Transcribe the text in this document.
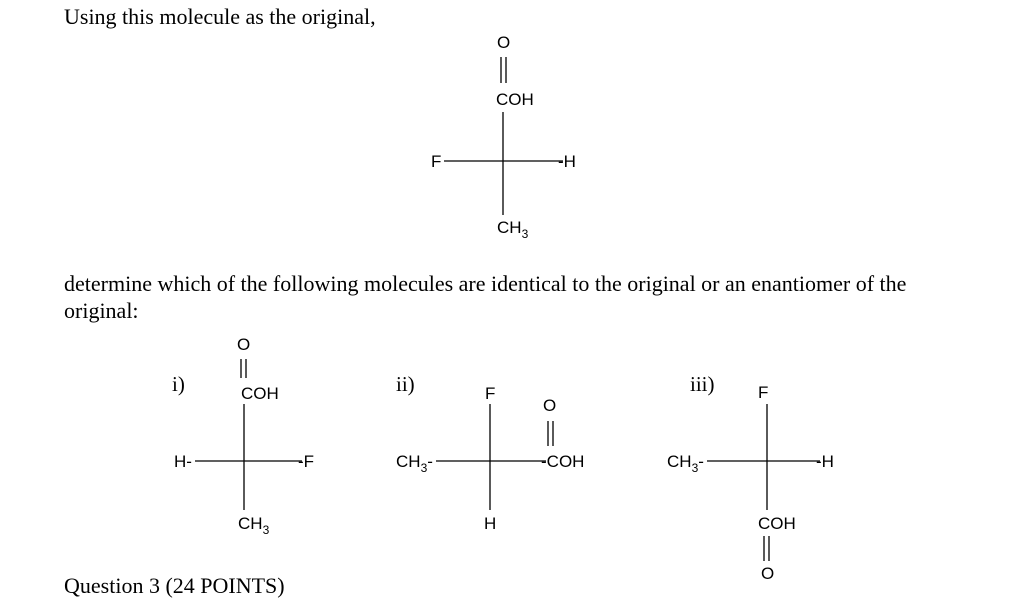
Using this molecule as the original,
determine which of the following molecules are identical to the original or an enantiomer of the original:
i)	ii)	iii)
O
COH
F	-H
$CH_3$
O
COH
H-	-F
$CH_3$
F
$CH_3-$
O
-COH
H
F
$CH_3-$	-H
COH
O
Question 3 (24 POINTS)
